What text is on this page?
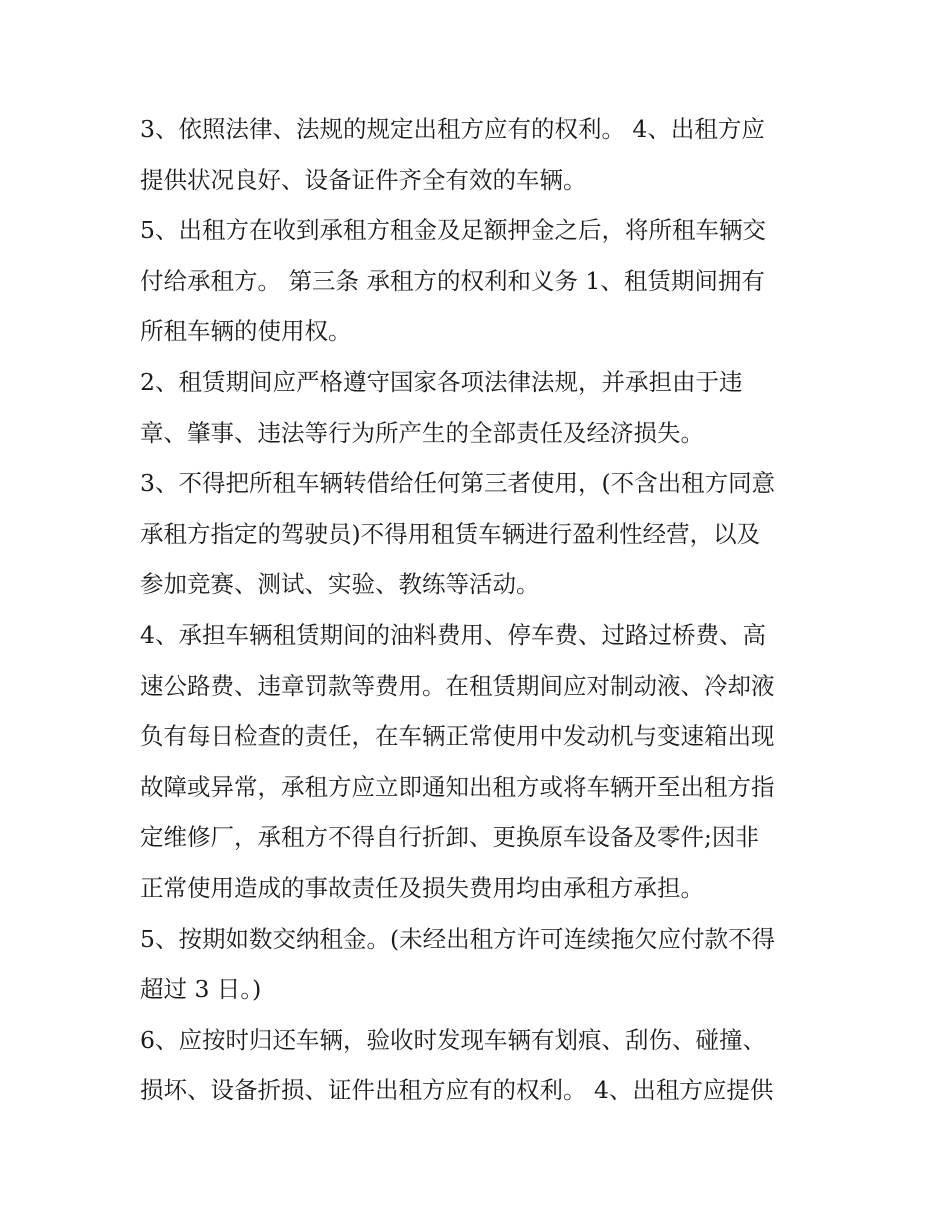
3、依照法律、法规的规定出租方应有的权利。 4、出租方应
提供状况良好、设备证件齐全有效的车辆。
5、出租方在收到承租方租金及足额押金之后，将所租车辆交
付给承租方。 第三条 承租方的权利和义务 1、租赁期间拥有
所租车辆的使用权。
2、租赁期间应严格遵守国家各项法律法规，并承担由于违
章、肇事、违法等行为所产生的全部责任及经济损失。
3、不得把所租车辆转借给任何第三者使用，(不含出租方同意
承租方指定的驾驶员)不得用租赁车辆进行盈利性经营，以及
参加竞赛、测试、实验、教练等活动。
4、承担车辆租赁期间的油料费用、停车费、过路过桥费、高
速公路费、违章罚款等费用。在租赁期间应对制动液、冷却液
负有每日检查的责任，在车辆正常使用中发动机与变速箱出现
故障或异常，承租方应立即通知出租方或将车辆开至出租方指
定维修厂，承租方不得自行折卸、更换原车设备及零件;因非
正常使用造成的事故责任及损失费用均由承租方承担。
5、按期如数交纳租金。(未经出租方许可连续拖欠应付款不得
超过 3 日。)
6、应按时归还车辆，验收时发现车辆有划痕、刮伤、碰撞、
损坏、设备折损、证件出租方应有的权利。 4、出租方应提供
